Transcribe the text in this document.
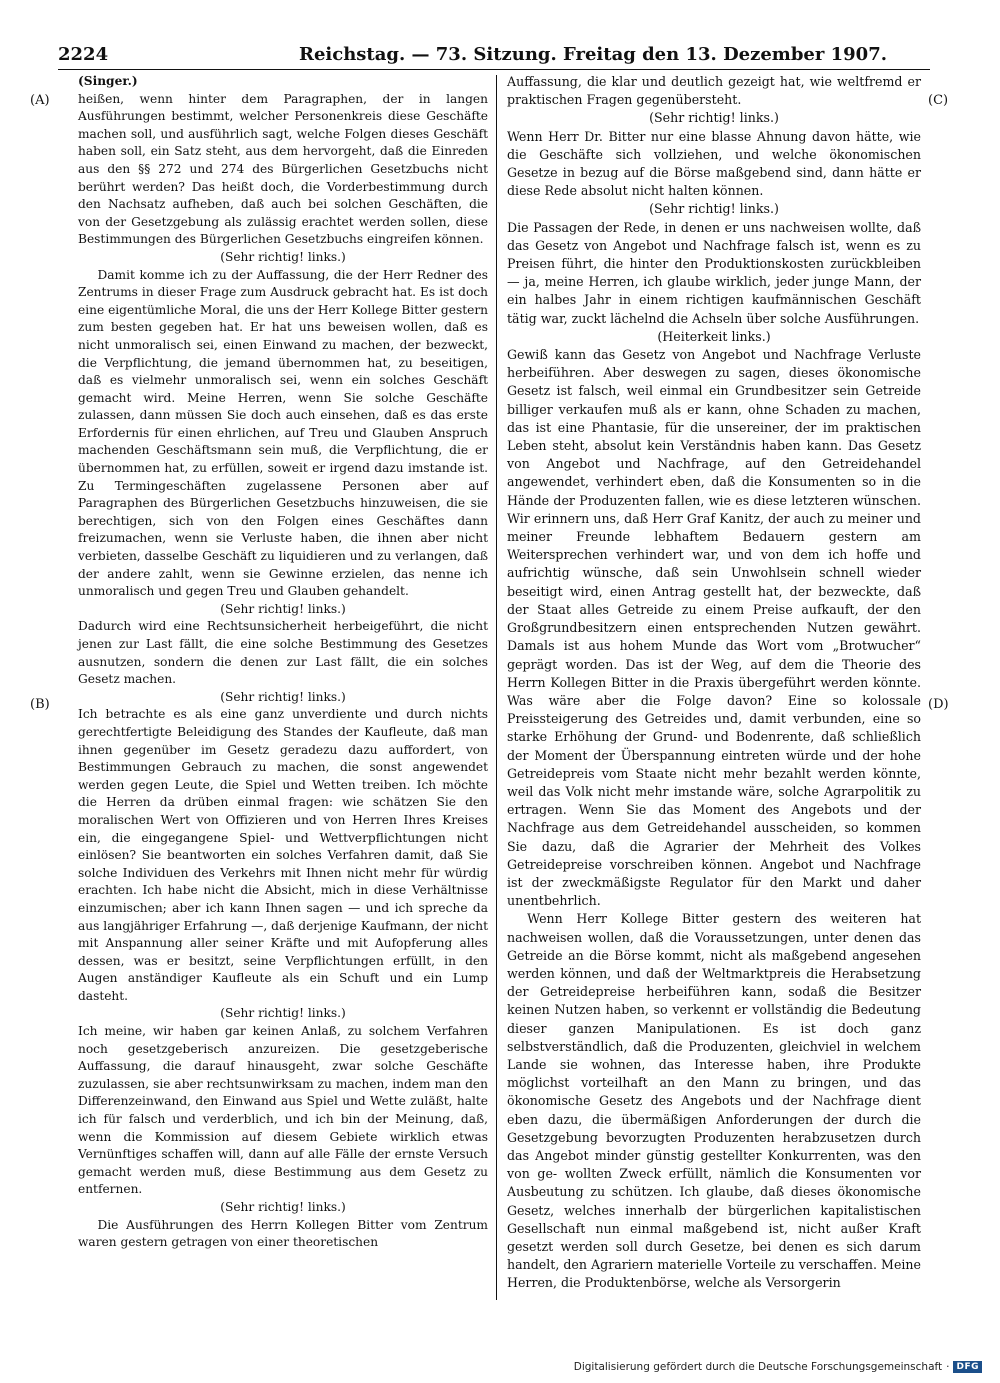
2224	Reichstag. — 73. Sitzung. Freitag den 13. Dezember 1907.
(A)
(B)
(C)
(D)

(Singer.)

heißen, wenn hinter dem Paragraphen, der in langen Ausführungen bestimmt, welcher Personenkreis diese Geschäfte machen soll, und ausführlich sagt, welche Folgen dieses Geschäft haben soll, ein Satz steht, aus dem hervorgeht, daß die Einreden aus den §§ 272 und 274 des Bürgerlichen Gesetzbuchs nicht berührt werden? Das heißt doch, die Vorderbestimmung durch den Nachsatz aufheben, daß auch bei solchen Geschäften, die von der Gesetzgebung als zulässig erachtet werden sollen, diese Bestimmungen des Bürgerlichen Gesetzbuchs eingreifen können.

(Sehr richtig! links.)

Damit komme ich zu der Auffassung, die der Herr Redner des Zentrums in dieser Frage zum Ausdruck gebracht hat. Es ist doch eine eigentümliche Moral, die uns der Herr Kollege Bitter gestern zum besten gegeben hat. Er hat uns beweisen wollen, daß es nicht unmoralisch sei, einen Einwand zu machen, der bezweckt, die Verpflichtung, die jemand übernommen hat, zu beseitigen, daß es vielmehr unmoralisch sei, wenn ein solches Geschäft gemacht wird. Meine Herren, wenn Sie solche Geschäfte zulassen, dann müssen Sie doch auch einsehen, daß es das erste Erfordernis für einen ehrlichen, auf Treu und Glauben Anspruch machenden Geschäftsmann sein muß, die Verpflichtung, die er übernommen hat, zu erfüllen, soweit er irgend dazu imstande ist. Zu Termingeschäften zugelassene Personen aber auf Paragraphen des Bürgerlichen Gesetzbuchs hinzuweisen, die sie berechtigen, sich von den Folgen eines Geschäftes dann freizumachen, wenn sie Verluste haben, die ihnen aber nicht verbieten, dasselbe Geschäft zu liquidieren und zu verlangen, daß der andere zahlt, wenn sie Gewinne erzielen, das nenne ich unmoralisch und gegen Treu und Glauben gehandelt.

(Sehr richtig! links.)

Dadurch wird eine Rechtsunsicherheit herbeigeführt, die nicht jenen zur Last fällt, die eine solche Bestimmung des Gesetzes ausnutzen, sondern die denen zur Last fällt, die ein solches Gesetz machen.

(Sehr richtig! links.)

Ich betrachte es als eine ganz unverdiente und durch nichts gerechtfertigte Beleidigung des Standes der Kaufleute, daß man ihnen gegenüber im Gesetz geradezu dazu auffordert, von Bestimmungen Gebrauch zu machen, die sonst angewendet werden gegen Leute, die Spiel und Wetten treiben. Ich möchte die Herren da drüben einmal fragen: wie schätzen Sie den moralischen Wert von Offizieren und von Herren Ihres Kreises ein, die eingegangene Spiel- und Wettverpflichtungen nicht einlösen? Sie beantworten ein solches Verfahren damit, daß Sie solche Individuen des Verkehrs mit Ihnen nicht mehr für würdig erachten. Ich habe nicht die Absicht, mich in diese Verhältnisse einzumischen; aber ich kann Ihnen sagen — und ich spreche da aus langjähriger Erfahrung —, daß derjenige Kaufmann, der nicht mit Anspannung aller seiner Kräfte und mit Aufopferung alles dessen, was er besitzt, seine Verpflichtungen erfüllt, in den Augen anständiger Kaufleute als ein Schuft und ein Lump dasteht.

(Sehr richtig! links.)

Ich meine, wir haben gar keinen Anlaß, zu solchem Verfahren noch gesetzgeberisch anzureizen. Die gesetzgeberische Auffassung, die darauf hinausgeht, zwar solche Geschäfte zuzulassen, sie aber rechtsunwirksam zu machen, indem man den Differenzeinwand, den Einwand aus Spiel und Wette zuläßt, halte ich für falsch und verderblich, und ich bin der Meinung, daß, wenn die Kommission auf diesem Gebiete wirklich etwas Vernünftiges schaffen will, dann auf alle Fälle der ernste Versuch gemacht werden muß, diese Bestimmung aus dem Gesetz zu entfernen.

(Sehr richtig! links.)

Die Ausführungen des Herrn Kollegen Bitter vom Zentrum waren gestern getragen von einer theoretischen

Auffassung, die klar und deutlich gezeigt hat, wie weltfremd er praktischen Fragen gegenübersteht.

(Sehr richtig! links.)

Wenn Herr Dr. Bitter nur eine blasse Ahnung davon hätte, wie die Geschäfte sich vollziehen, und welche ökonomischen Gesetze in bezug auf die Börse maßgebend sind, dann hätte er diese Rede absolut nicht halten können.

(Sehr richtig! links.)

Die Passagen der Rede, in denen er uns nachweisen wollte, daß das Gesetz von Angebot und Nachfrage falsch ist, wenn es zu Preisen führt, die hinter den Produktionskosten zurückbleiben — ja, meine Herren, ich glaube wirklich, jeder junge Mann, der ein halbes Jahr in einem richtigen kaufmännischen Geschäft tätig war, zuckt lächelnd die Achseln über solche Ausführungen.

(Heiterkeit links.)

Gewiß kann das Gesetz von Angebot und Nachfrage Verluste herbeiführen. Aber deswegen zu sagen, dieses ökonomische Gesetz ist falsch, weil einmal ein Grundbesitzer sein Getreide billiger verkaufen muß als er kann, ohne Schaden zu machen, das ist eine Phantasie, für die unsereiner, der im praktischen Leben steht, absolut kein Verständnis haben kann. Das Gesetz von Angebot und Nachfrage, auf den Getreidehandel angewendet, verhindert eben, daß die Konsumenten so in die Hände der Produzenten fallen, wie es diese letzteren wünschen. Wir erinnern uns, daß Herr Graf Kanitz, der auch zu meiner und meiner Freunde lebhaftem Bedauern gestern am Weitersprechen verhindert war, und von dem ich hoffe und aufrichtig wünsche, daß sein Unwohlsein schnell wieder beseitigt wird, einen Antrag gestellt hat, der bezweckte, daß der Staat alles Getreide zu einem Preise aufkauft, der den Großgrundbesitzern einen entsprechenden Nutzen gewährt. Damals ist aus hohem Munde das Wort vom „Brotwucher“ geprägt worden. Das ist der Weg, auf dem die Theorie des Herrn Kollegen Bitter in die Praxis übergeführt werden könnte. Was wäre aber die Folge davon? Eine so kolossale Preissteigerung des Getreides und, damit verbunden, eine so starke Erhöhung der Grund- und Bodenrente, daß schließlich der Moment der Überspannung eintreten würde und der hohe Getreidepreis vom Staate nicht mehr bezahlt werden könnte, weil das Volk nicht mehr imstande wäre, solche Agrarpolitik zu ertragen. Wenn Sie das Moment des Angebots und der Nachfrage aus dem Getreidehandel ausscheiden, so kommen Sie dazu, daß die Agrarier der Mehrheit des Volkes Getreidepreise vorschreiben können. Angebot und Nachfrage ist der zweckmäßigste Regulator für den Markt und daher unentbehrlich.

Wenn Herr Kollege Bitter gestern des weiteren hat nachweisen wollen, daß die Voraussetzungen, unter denen das Getreide an die Börse kommt, nicht als maßgebend angesehen werden können, und daß der Weltmarktpreis die Herabsetzung der Getreidepreise herbeiführen kann, sodaß die Besitzer keinen Nutzen haben, so verkennt er vollständig die Bedeutung dieser ganzen Manipulationen. Es ist doch ganz selbstverständlich, daß die Produzenten, gleichviel in welchem Lande sie wohnen, das Interesse haben, ihre Produkte möglichst vorteilhaft an den Mann zu bringen, und das ökonomische Gesetz des Angebots und der Nachfrage dient eben dazu, die übermäßigen Anforderungen der durch die Gesetzgebung bevorzugten Produzenten herabzusetzen durch das Angebot minder günstig gestellter Konkurrenten, was den von ge- wollten Zweck erfüllt, nämlich die Konsumenten vor Ausbeutung zu schützen. Ich glaube, daß dieses ökonomische Gesetz, welches innerhalb der bürgerlichen kapitalistischen Gesellschaft nun einmal maßgebend ist, nicht außer Kraft gesetzt werden soll durch Gesetze, bei denen es sich darum handelt, den Agrariern materielle Vorteile zu verschaffen. Meine Herren, die Produktenbörse, welche als Versorgerin

Digitalisierung gefördert durch die Deutsche Forschungsgemeinschaft · DFG
